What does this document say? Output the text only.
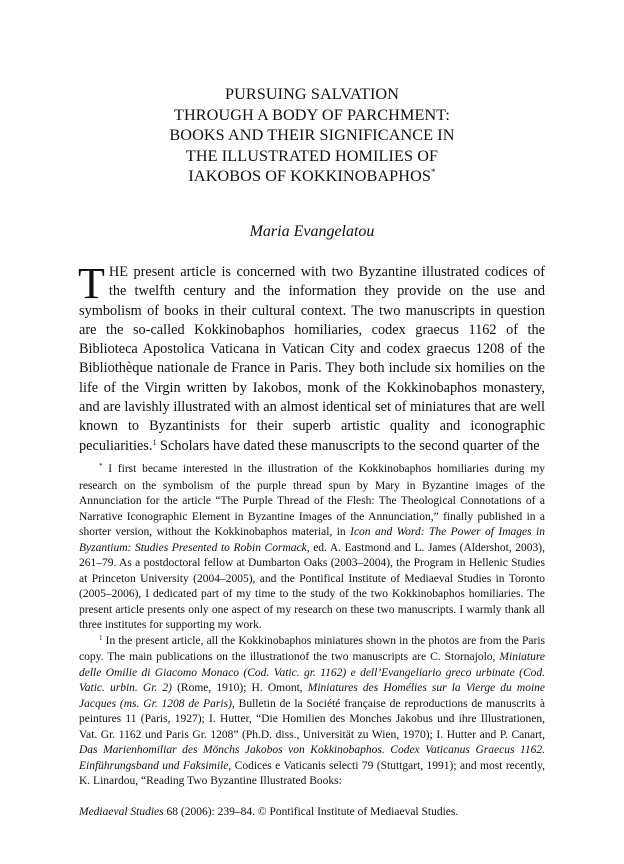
PURSUING SALVATION
THROUGH A BODY OF PARCHMENT:
BOOKS AND THEIR SIGNIFICANCE IN
THE ILLUSTRATED HOMILIES OF
IAKOBOS OF KOKKINOBAPHOS*
Maria Evangelatou

THE present article is concerned with two Byzantine illustrated codices of the twelfth century and the information they provide on the use and symbolism of books in their cultural context. The two manuscripts in question are the so-called Kokkinobaphos homiliaries, codex graecus 1162 of the Biblioteca Apostolica Vaticana in Vatican City and codex graecus 1208 of the Bibliothèque nationale de France in Paris. They both include six homilies on the life of the Virgin written by Iakobos, monk of the Kokkinobaphos monastery, and are lavishly illustrated with an almost identical set of miniatures that are well known to Byzantinists for their superb artistic quality and iconographic peculiarities.$^1$ Scholars have dated these manuscripts to the second quarter of the

* I first became interested in the illustration of the Kokkinobaphos homiliaries during my research on the symbolism of the purple thread spun by Mary in Byzantine images of the Annunciation for the article “The Purple Thread of the Flesh: The Theological Connotations of a Narrative Iconographic Element in Byzantine Images of the Annunciation,” finally published in a shorter version, without the Kokkinobaphos material, in Icon and Word: The Power of Images in Byzantium: Studies Presented to Robin Cormack, ed. A. Eastmond and L. James (Aldershot, 2003), 261–79. As a postdoctoral fellow at Dumbarton Oaks (2003–2004), the Program in Hellenic Studies at Princeton University (2004–2005), and the Pontifical Institute of Mediaeval Studies in Toronto (2005–2006), I dedicated part of my time to the study of the two Kokkinobaphos homiliaries. The present article presents only one aspect of my research on these two manuscripts. I warmly thank all three institutes for supporting my work.

$^1$ In the present article, all the Kokkinobaphos miniatures shown in the photos are from the Paris copy. The main publications on the illustrationof the two manuscripts are C. Stornajolo, Miniature delle Omilie di Giacomo Monaco (Cod. Vatic. gr. 1162) e dell’Evangeliario greco urbinate (Cod. Vatic. urbin. Gr. 2) (Rome, 1910); H. Omont, Miniatures des Homélies sur la Vierge du moine Jacques (ms. Gr. 1208 de Paris), Bulletin de la Société française de reproductions de manuscrits à peintures 11 (Paris, 1927); I. Hutter, “Die Homilien des Monches Jakobus und ihre Illustrationen, Vat. Gr. 1162 und Paris Gr. 1208” (Ph.D. diss., Universität zu Wien, 1970); I. Hutter and P. Canart, Das Marienhomiliar des Mönchs Jakobos von Kokkinobaphos. Codex Vaticanus Graecus 1162. Einführungsband und Faksimile, Codices e Vaticanis selecti 79 (Stuttgart, 1991); and most recently, K. Linardou, “Reading Two Byzantine Illustrated Books:

Mediaeval Studies 68 (2006): 239–84. © Pontifical Institute of Mediaeval Studies.
